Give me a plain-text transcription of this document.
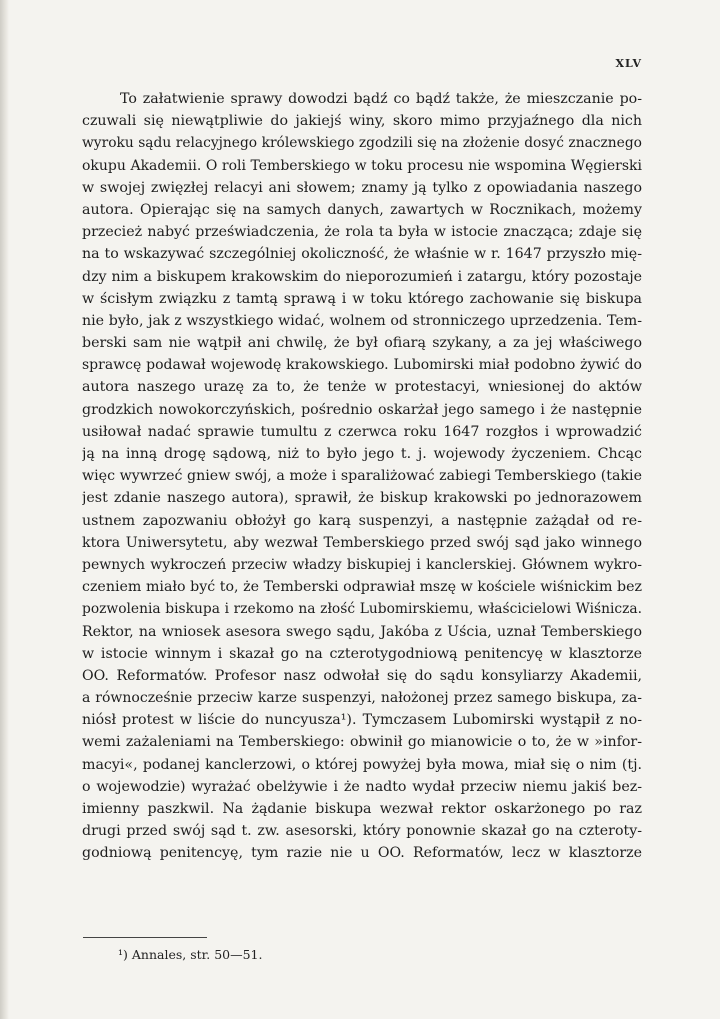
XLV
To załatwienie sprawy dowodzi bądź co bądź także, że mieszczanie po-
czuwali się niewątpliwie do jakiejś winy, skoro mimo przyjaźnego dla nich
wyroku sądu relacyjnego królewskiego zgodzili się na złożenie dosyć znacznego
okupu Akademii. O roli Temberskiego w toku procesu nie wspomina Węgierski
w swojej zwięzłej relacyi ani słowem; znamy ją tylko z opowiadania naszego
autora. Opierając się na samych danych, zawartych w Rocznikach, możemy
przecież nabyć przeświadczenia, że rola ta była w istocie znacząca; zdaje się
na to wskazywać szczególniej okoliczność, że właśnie w r. 1647 przyszło mię-
dzy nim a biskupem krakowskim do nieporozumień i zatargu, który pozostaje
w ścisłym związku z tamtą sprawą i w toku którego zachowanie się biskupa
nie było, jak z wszystkiego widać, wolnem od stronniczego uprzedzenia. Tem-
berski sam nie wątpił ani chwilę, że był ofiarą szykany, a za jej właściwego
sprawcę podawał wojewodę krakowskiego. Lubomirski miał podobno żywić do
autora naszego urazę za to, że tenże w protestacyi, wniesionej do aktów
grodzkich nowokorczyńskich, pośrednio oskarżał jego samego i że następnie
usiłował nadać sprawie tumultu z czerwca roku 1647 rozgłos i wprowadzić
ją na inną drogę sądową, niż to było jego t. j. wojewody życzeniem. Chcąc
więc wywrzeć gniew swój, a może i sparaliżować zabiegi Temberskiego (takie
jest zdanie naszego autora), sprawił, że biskup krakowski po jednorazowem
ustnem zapozwaniu obłożył go karą suspenzyi, a następnie zażądał od re-
ktora Uniwersytetu, aby wezwał Temberskiego przed swój sąd jako winnego
pewnych wykroczeń przeciw władzy biskupiej i kanclerskiej. Głównem wykro-
czeniem miało być to, że Temberski odprawiał mszę w kościele wiśnickim bez
pozwolenia biskupa i rzekomo na złość Lubomirskiemu, właścicielowi Wiśnicza.
Rektor, na wniosek asesora swego sądu, Jakóba z Uścia, uznał Temberskiego
w istocie winnym i skazał go na czterotygodniową penitencyę w klasztorze
OO. Reformatów. Profesor nasz odwołał się do sądu konsyliarzy Akademii,
a równocześnie przeciw karze suspenzyi, nałożonej przez samego biskupa, za-
niósł protest w liście do nuncyusza¹). Tymczasem Lubomirski wystąpił z no-
wemi zażaleniami na Temberskiego: obwinił go mianowicie o to, że w »infor-
macyi«, podanej kanclerzowi, o której powyżej była mowa, miał się o nim (tj.
o wojewodzie) wyrażać obelżywie i że nadto wydał przeciw niemu jakiś bez-
imienny paszkwil. Na żądanie biskupa wezwał rektor oskarżonego po raz
drugi przed swój sąd t. zw. asesorski, który ponownie skazał go na czteroty-
godniową penitencyę, tym razie nie u OO. Reformatów, lecz w klasztorze
¹) Annales, str. 50—51.
